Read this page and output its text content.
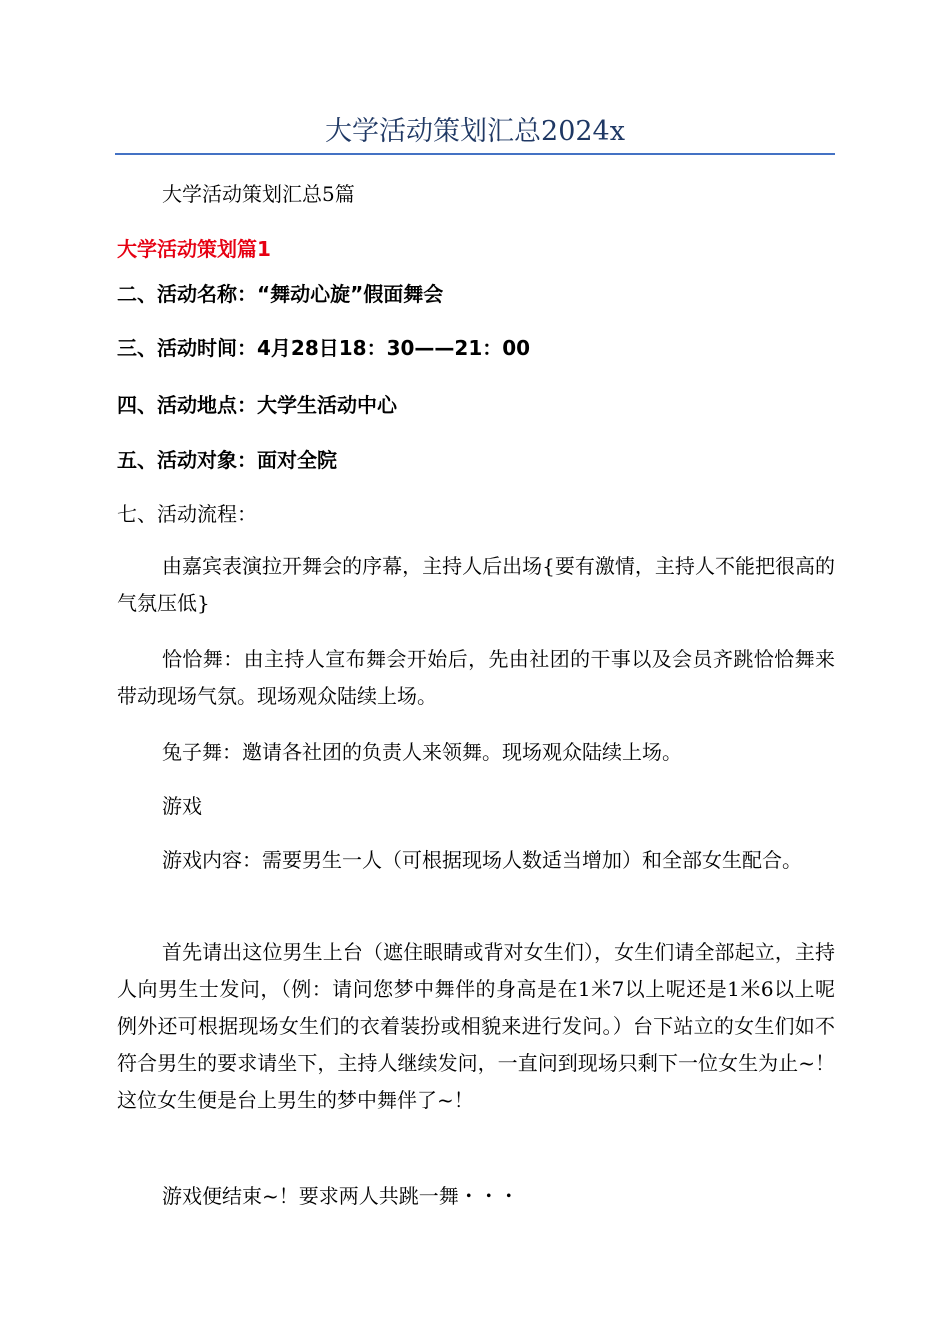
大学活动策划汇总2024x
大学活动策划汇总5篇
大学活动策划篇1
二、活动名称：“舞动心旋”假面舞会
三、活动时间：4月28日18：30——21：00
四、活动地点：大学生活动中心
五、活动对象：面对全院
七、活动流程：
由嘉宾表演拉开舞会的序幕，主持人后出场{要有激情，主持人不能把很高的气氛压低}
恰恰舞：由主持人宣布舞会开始后，先由社团的干事以及会员齐跳恰恰舞来带动现场气氛。现场观众陆续上场。
兔子舞：邀请各社团的负责人来领舞。现场观众陆续上场。
游戏
游戏内容：需要男生一人（可根据现场人数适当增加）和全部女生配合。
首先请出这位男生上台（遮住眼睛或背对女生们），女生们请全部起立，主持人向男生士发问，（例：请问您梦中舞伴的身高是在1米7以上呢还是1米6以上呢例外还可根据现场女生们的衣着装扮或相貌来进行发问。）台下站立的女生们如不符合男生的要求请坐下，主持人继续发问，一直问到现场只剩下一位女生为止~！这位女生便是台上男生的梦中舞伴了~！
游戏便结束~！要求两人共跳一舞・・・
